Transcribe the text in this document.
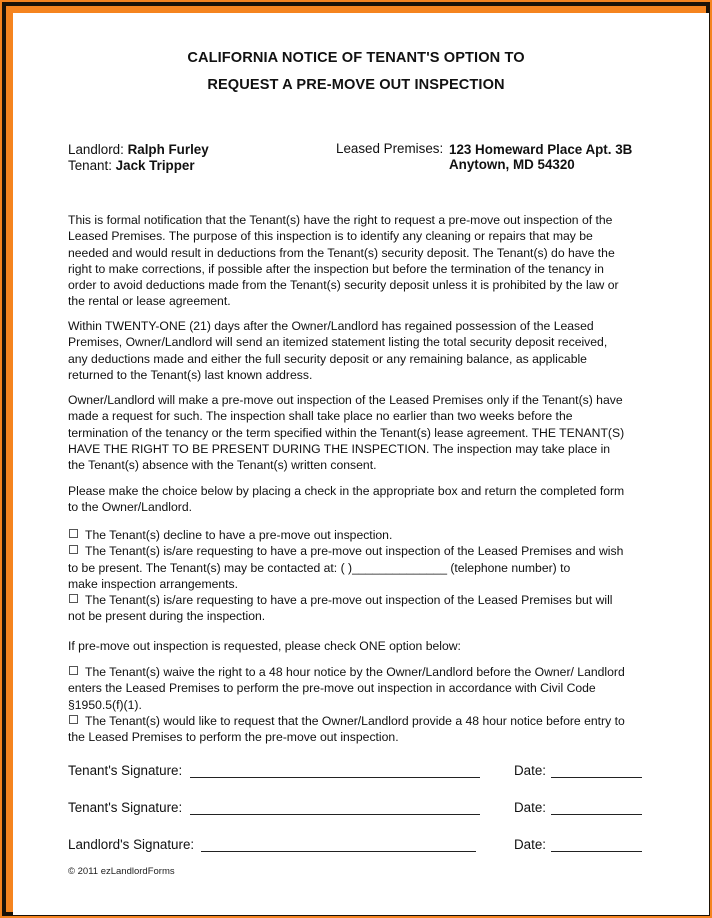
CALIFORNIA NOTICE OF TENANT'S OPTION TO
REQUEST A PRE-MOVE OUT INSPECTION
Landlord: Ralph Furley
Tenant: Jack Tripper
Leased Premises: 123 Homeward Place Apt. 3B
Anytown, MD 54320
This is formal notification that the Tenant(s) have the right to request a pre-move out inspection of the
Leased Premises. The purpose of this inspection is to identify any cleaning or repairs that may be
needed and would result in deductions from the Tenant(s) security deposit. The Tenant(s) do have the
right to make corrections, if possible after the inspection but before the termination of the tenancy in
order to avoid deductions made from the Tenant(s) security deposit unless it is prohibited by the law or
the rental or lease agreement.
Within TWENTY-ONE (21) days after the Owner/Landlord has regained possession of the Leased
Premises, Owner/Landlord will send an itemized statement listing the total security deposit received,
any deductions made and either the full security deposit or any remaining balance, as applicable
returned to the Tenant(s) last known address.
Owner/Landlord will make a pre-move out inspection of the Leased Premises only if the Tenant(s) have
made a request for such. The inspection shall take place no earlier than two weeks before the
termination of the tenancy or the term specified within the Tenant(s) lease agreement. THE TENANT(S)
HAVE THE RIGHT TO BE PRESENT DURING THE INSPECTION. The inspection may take place in
the Tenant(s) absence with the Tenant(s) written consent.
Please make the choice below by placing a check in the appropriate box and return the completed form
to the Owner/Landlord.
The Tenant(s) decline to have a pre-move out inspection.
The Tenant(s) is/are requesting to have a pre-move out inspection of the Leased Premises and wish
to be present. The Tenant(s) may be contacted at: ( )______________ (telephone number) to
make inspection arrangements.
The Tenant(s) is/are requesting to have a pre-move out inspection of the Leased Premises but will
not be present during the inspection.
If pre-move out inspection is requested, please check ONE option below:
The Tenant(s) waive the right to a 48 hour notice by the Owner/Landlord before the Owner/ Landlord
enters the Leased Premises to perform the pre-move out inspection in accordance with Civil Code
§1950.5(f)(1).
The Tenant(s) would like to request that the Owner/Landlord provide a 48 hour notice before entry to
the Leased Premises to perform the pre-move out inspection.
Tenant's Signature:	Date:
Tenant's Signature:	Date:
Landlord's Signature:	Date:
© 2011 ezLandlordForms
